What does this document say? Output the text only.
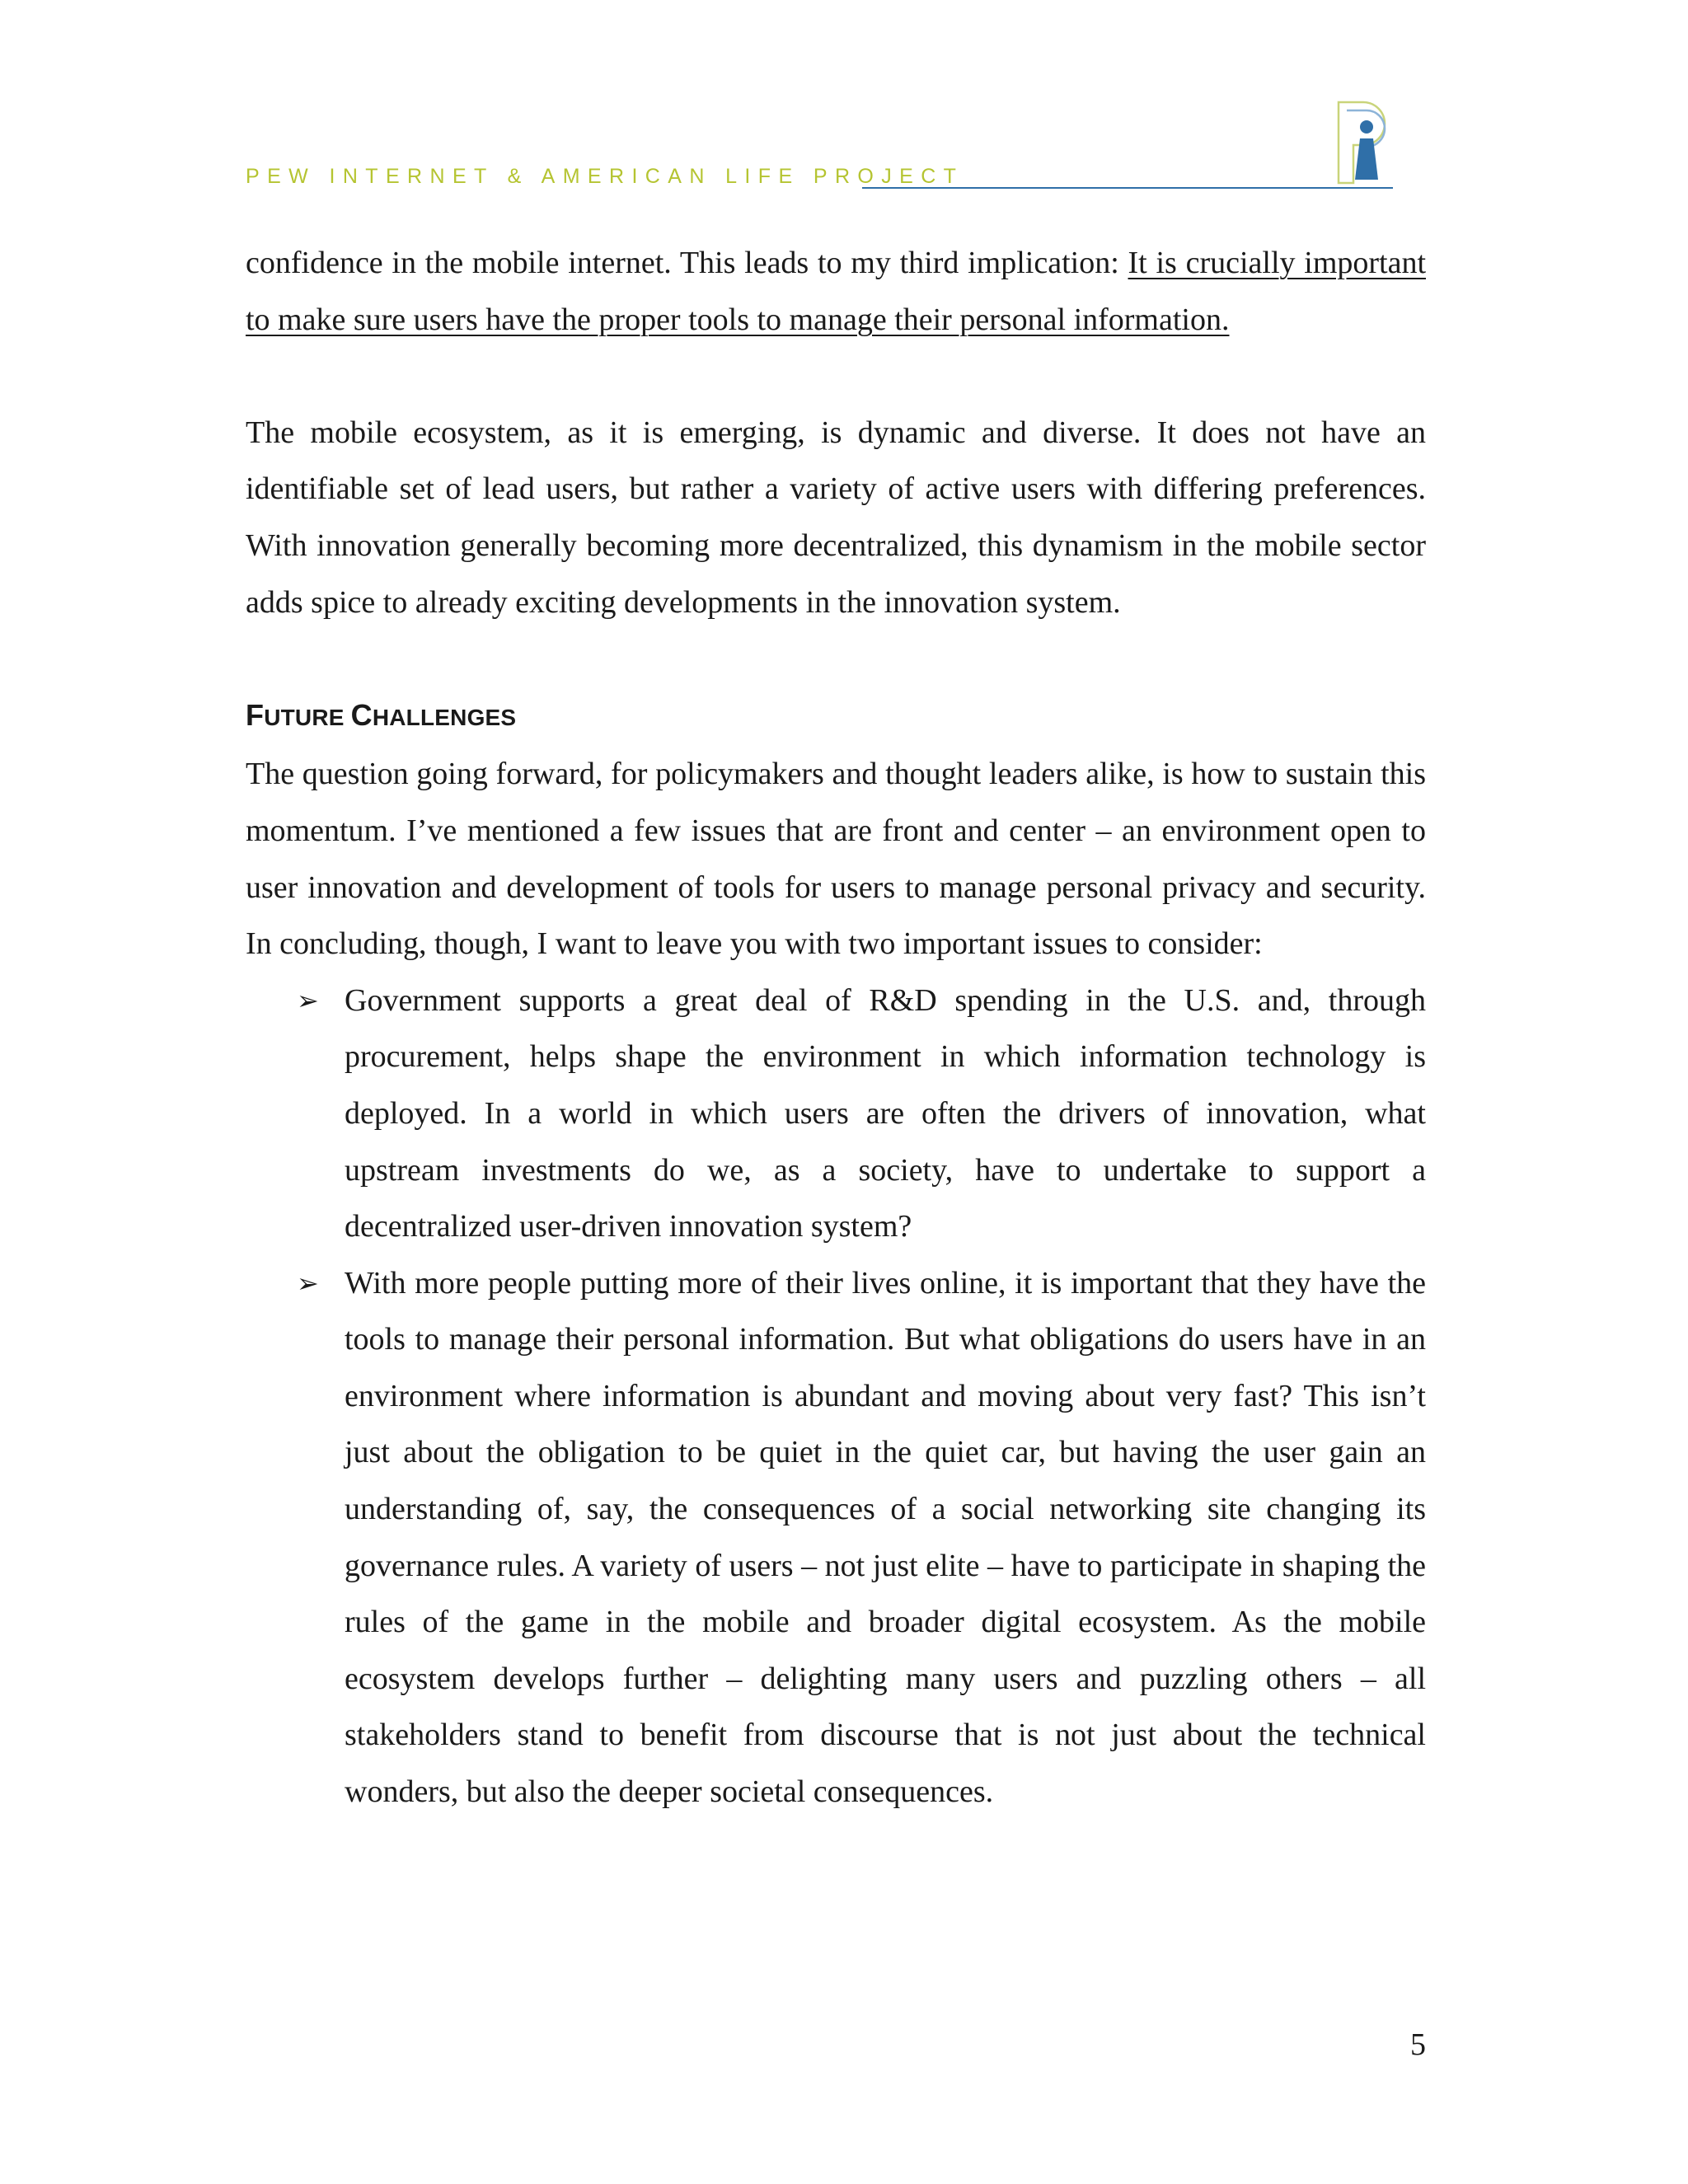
PEW INTERNET & AMERICAN LIFE PROJECT

confidence in the mobile internet. This leads to my third implication: It is crucially important to make sure users have the proper tools to manage their personal information.

The mobile ecosystem, as it is emerging, is dynamic and diverse. It does not have an identifiable set of lead users, but rather a variety of active users with differing preferences. With innovation generally becoming more decentralized, this dynamism in the mobile sector adds spice to already exciting developments in the innovation system.

FUTURE CHALLENGES

The question going forward, for policymakers and thought leaders alike, is how to sustain this momentum. I’ve mentioned a few issues that are front and center – an environment open to user innovation and development of tools for users to manage personal privacy and security. In concluding, though, I want to leave you with two important issues to consider:

➢ Government supports a great deal of R&D spending in the U.S. and, through procurement, helps shape the environment in which information technology is deployed. In a world in which users are often the drivers of innovation, what upstream investments do we, as a society, have to undertake to support a decentralized user-driven innovation system?
➢ With more people putting more of their lives online, it is important that they have the tools to manage their personal information. But what obligations do users have in an environment where information is abundant and moving about very fast? This isn’t just about the obligation to be quiet in the quiet car, but having the user gain an understanding of, say, the consequences of a social networking site changing its governance rules. A variety of users – not just elite – have to participate in shaping the rules of the game in the mobile and broader digital ecosystem. As the mobile ecosystem develops further – delighting many users and puzzling others – all stakeholders stand to benefit from discourse that is not just about the technical wonders, but also the deeper societal consequences.
5
